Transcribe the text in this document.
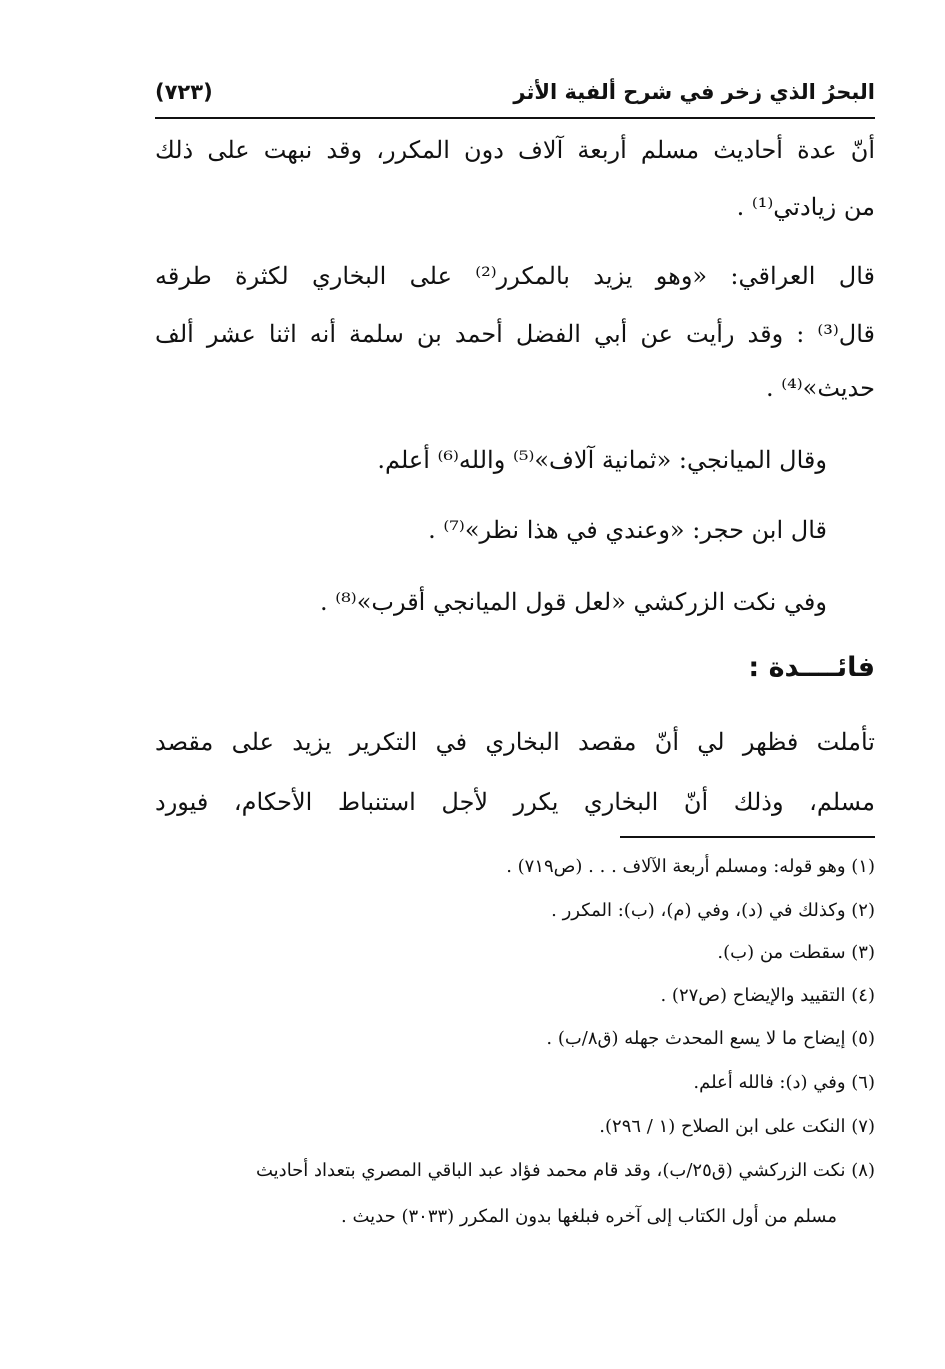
البحرُ الذي زخر في شرح ألفية الأثر
(٧٢٣)
أنّ عدة أحاديث مسلم أربعة آلاف دون المكرر، وقد نبهت على ذلك
من زيادتي⁽¹⁾ .
قال العراقي: «وهو يزيد بالمكرر⁽²⁾ على البخاري لكثرة طرقه
قال⁽³⁾ : وقد رأيت عن أبي الفضل أحمد بن سلمة أنه اثنا عشر ألف
حديث»⁽⁴⁾ .
وقال الميانجي: «ثمانية آلاف»⁽⁵⁾ والله⁽⁶⁾ أعلم.
قال ابن حجر: «وعندي في هذا نظر»⁽⁷⁾ .
وفي نكت الزركشي «لعل قول الميانجي أقرب»⁽⁸⁾ .
فائــــدة :
تأملت فظهر لي أنّ مقصد البخاري في التكرير يزيد على مقصد
مسلم، وذلك أنّ البخاري يكرر لأجل استنباط الأحكام، فيورد
(١) وهو قوله: ومسلم أربعة الآلاف . . . (ص٧١٩) .
(٢) وكذلك في (د)، وفي (م)، (ب): المكرر .
(٣) سقطت من (ب).
(٤) التقييد والإيضاح (ص٢٧) .
(٥) إيضاح ما لا يسع المحدث جهله (ق٨/ب) .
(٦) وفي (د): فالله أعلم.
(٧) النكت على ابن الصلاح (١ / ٢٩٦).
(٨) نكت الزركشي (ق٢٥/ب)، وقد قام محمد فؤاد عبد الباقي المصري بتعداد أحاديث
مسلم من أول الكتاب إلى آخره فبلغها بدون المكرر (٣٠٣٣) حديث .
